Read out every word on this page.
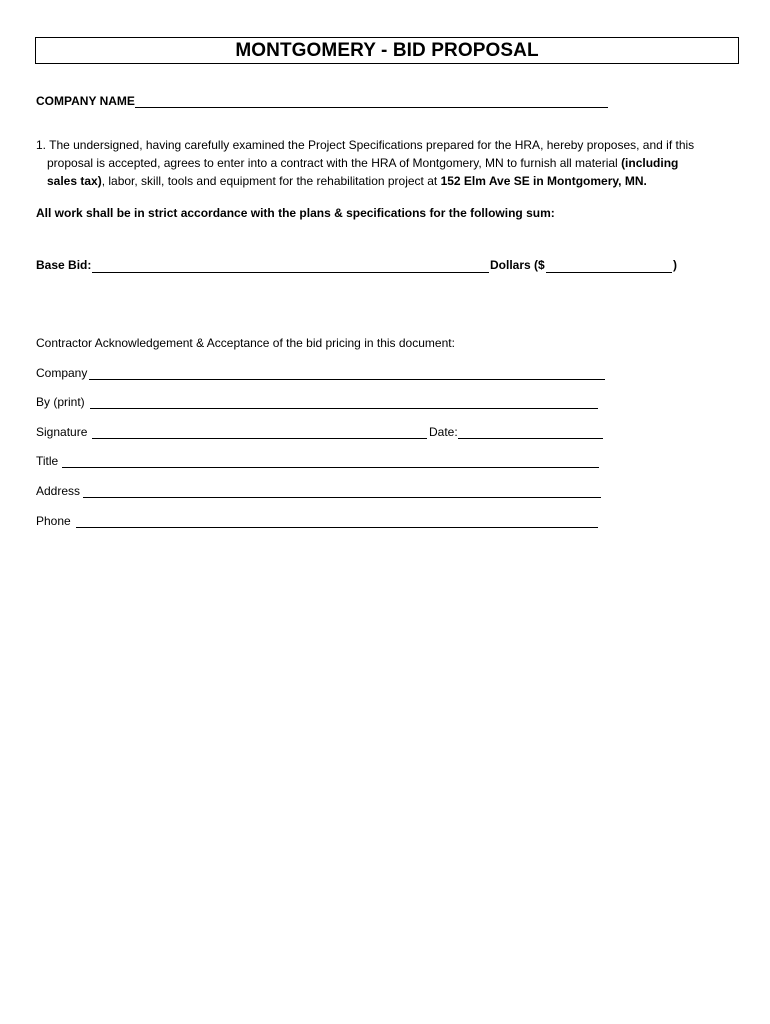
MONTGOMERY - BID PROPOSAL
COMPANY NAME
1. The undersigned, having carefully examined the Project Specifications prepared for the HRA, hereby proposes, and if this
proposal is accepted, agrees to enter into a contract with the HRA of Montgomery, MN to furnish all material (including
sales tax), labor, skill, tools and equipment for the rehabilitation project at 152 Elm Ave SE in Montgomery, MN.
All work shall be in strict accordance with the plans & specifications for the following sum:
Base Bid:	Dollars ($	)
Contractor Acknowledgement & Acceptance of the bid pricing in this document:
Company
By (print)
Signature	Date:
Title
Address
Phone
